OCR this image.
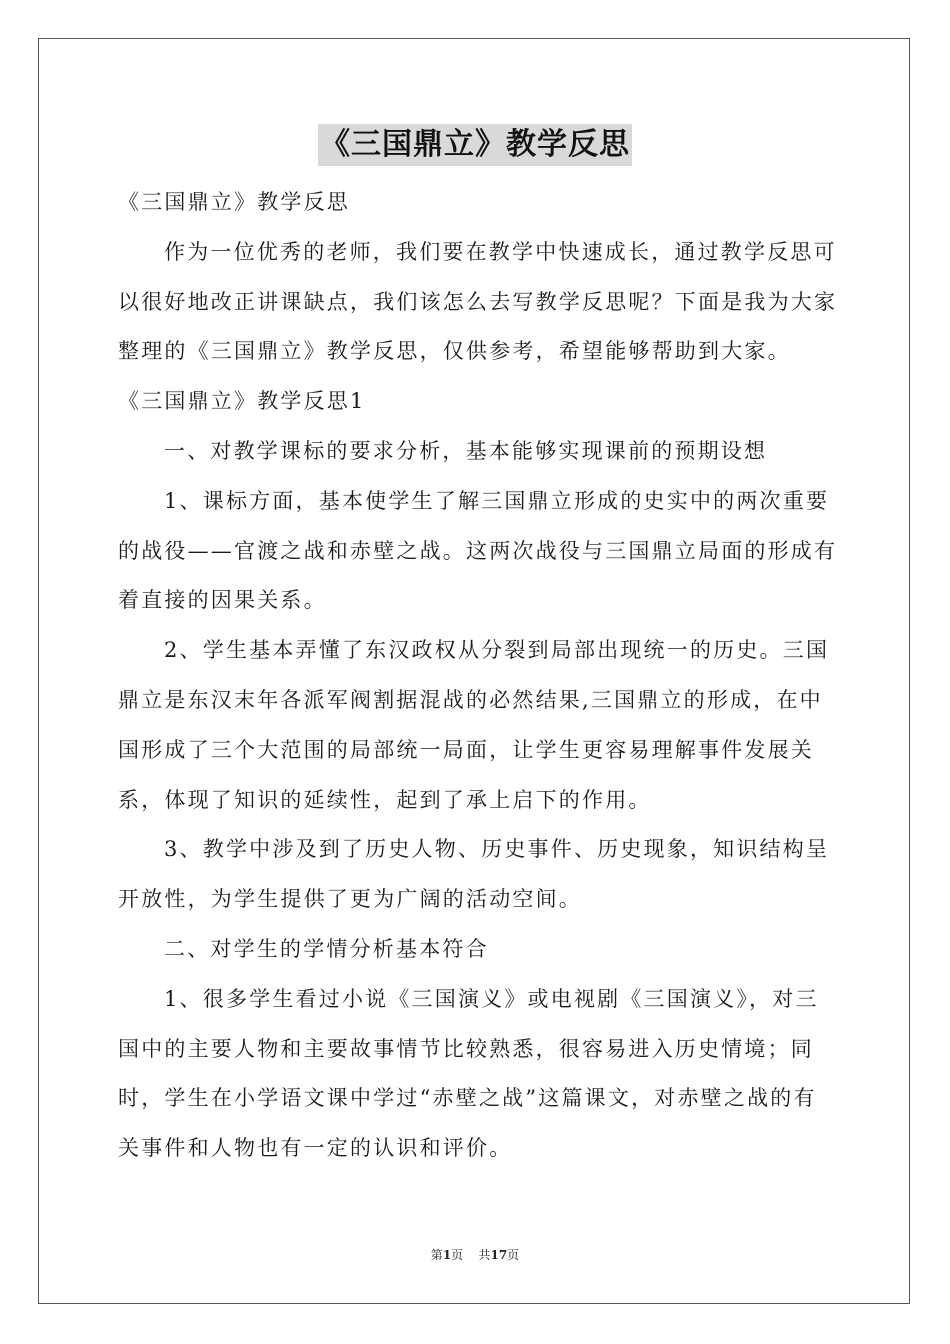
《三国鼎立》教学反思

《三国鼎立》教学反思

作为一位优秀的老师，我们要在教学中快速成长，通过教学反思可以很好地改正讲课缺点，我们该怎么去写教学反思呢？下面是我为大家整理的《三国鼎立》教学反思，仅供参考，希望能够帮助到大家。

《三国鼎立》教学反思1

一、对教学课标的要求分析，基本能够实现课前的预期设想

1、课标方面，基本使学生了解三国鼎立形成的史实中的两次重要的战役——官渡之战和赤壁之战。这两次战役与三国鼎立局面的形成有着直接的因果关系。

2、学生基本弄懂了东汉政权从分裂到局部出现统一的历史。三国鼎立是东汉末年各派军阀割据混战的必然结果,三国鼎立的形成，在中国形成了三个大范围的局部统一局面，让学生更容易理解事件发展关系，体现了知识的延续性，起到了承上启下的作用。

3、教学中涉及到了历史人物、历史事件、历史现象，知识结构呈开放性，为学生提供了更为广阔的活动空间。

二、对学生的学情分析基本符合

1、很多学生看过小说《三国演义》或电视剧《三国演义》，对三国中的主要人物和主要故事情节比较熟悉，很容易进入历史情境；同时，学生在小学语文课中学过“赤壁之战”这篇课文，对赤壁之战的有关事件和人物也有一定的认识和评价。

第1页 共17页
